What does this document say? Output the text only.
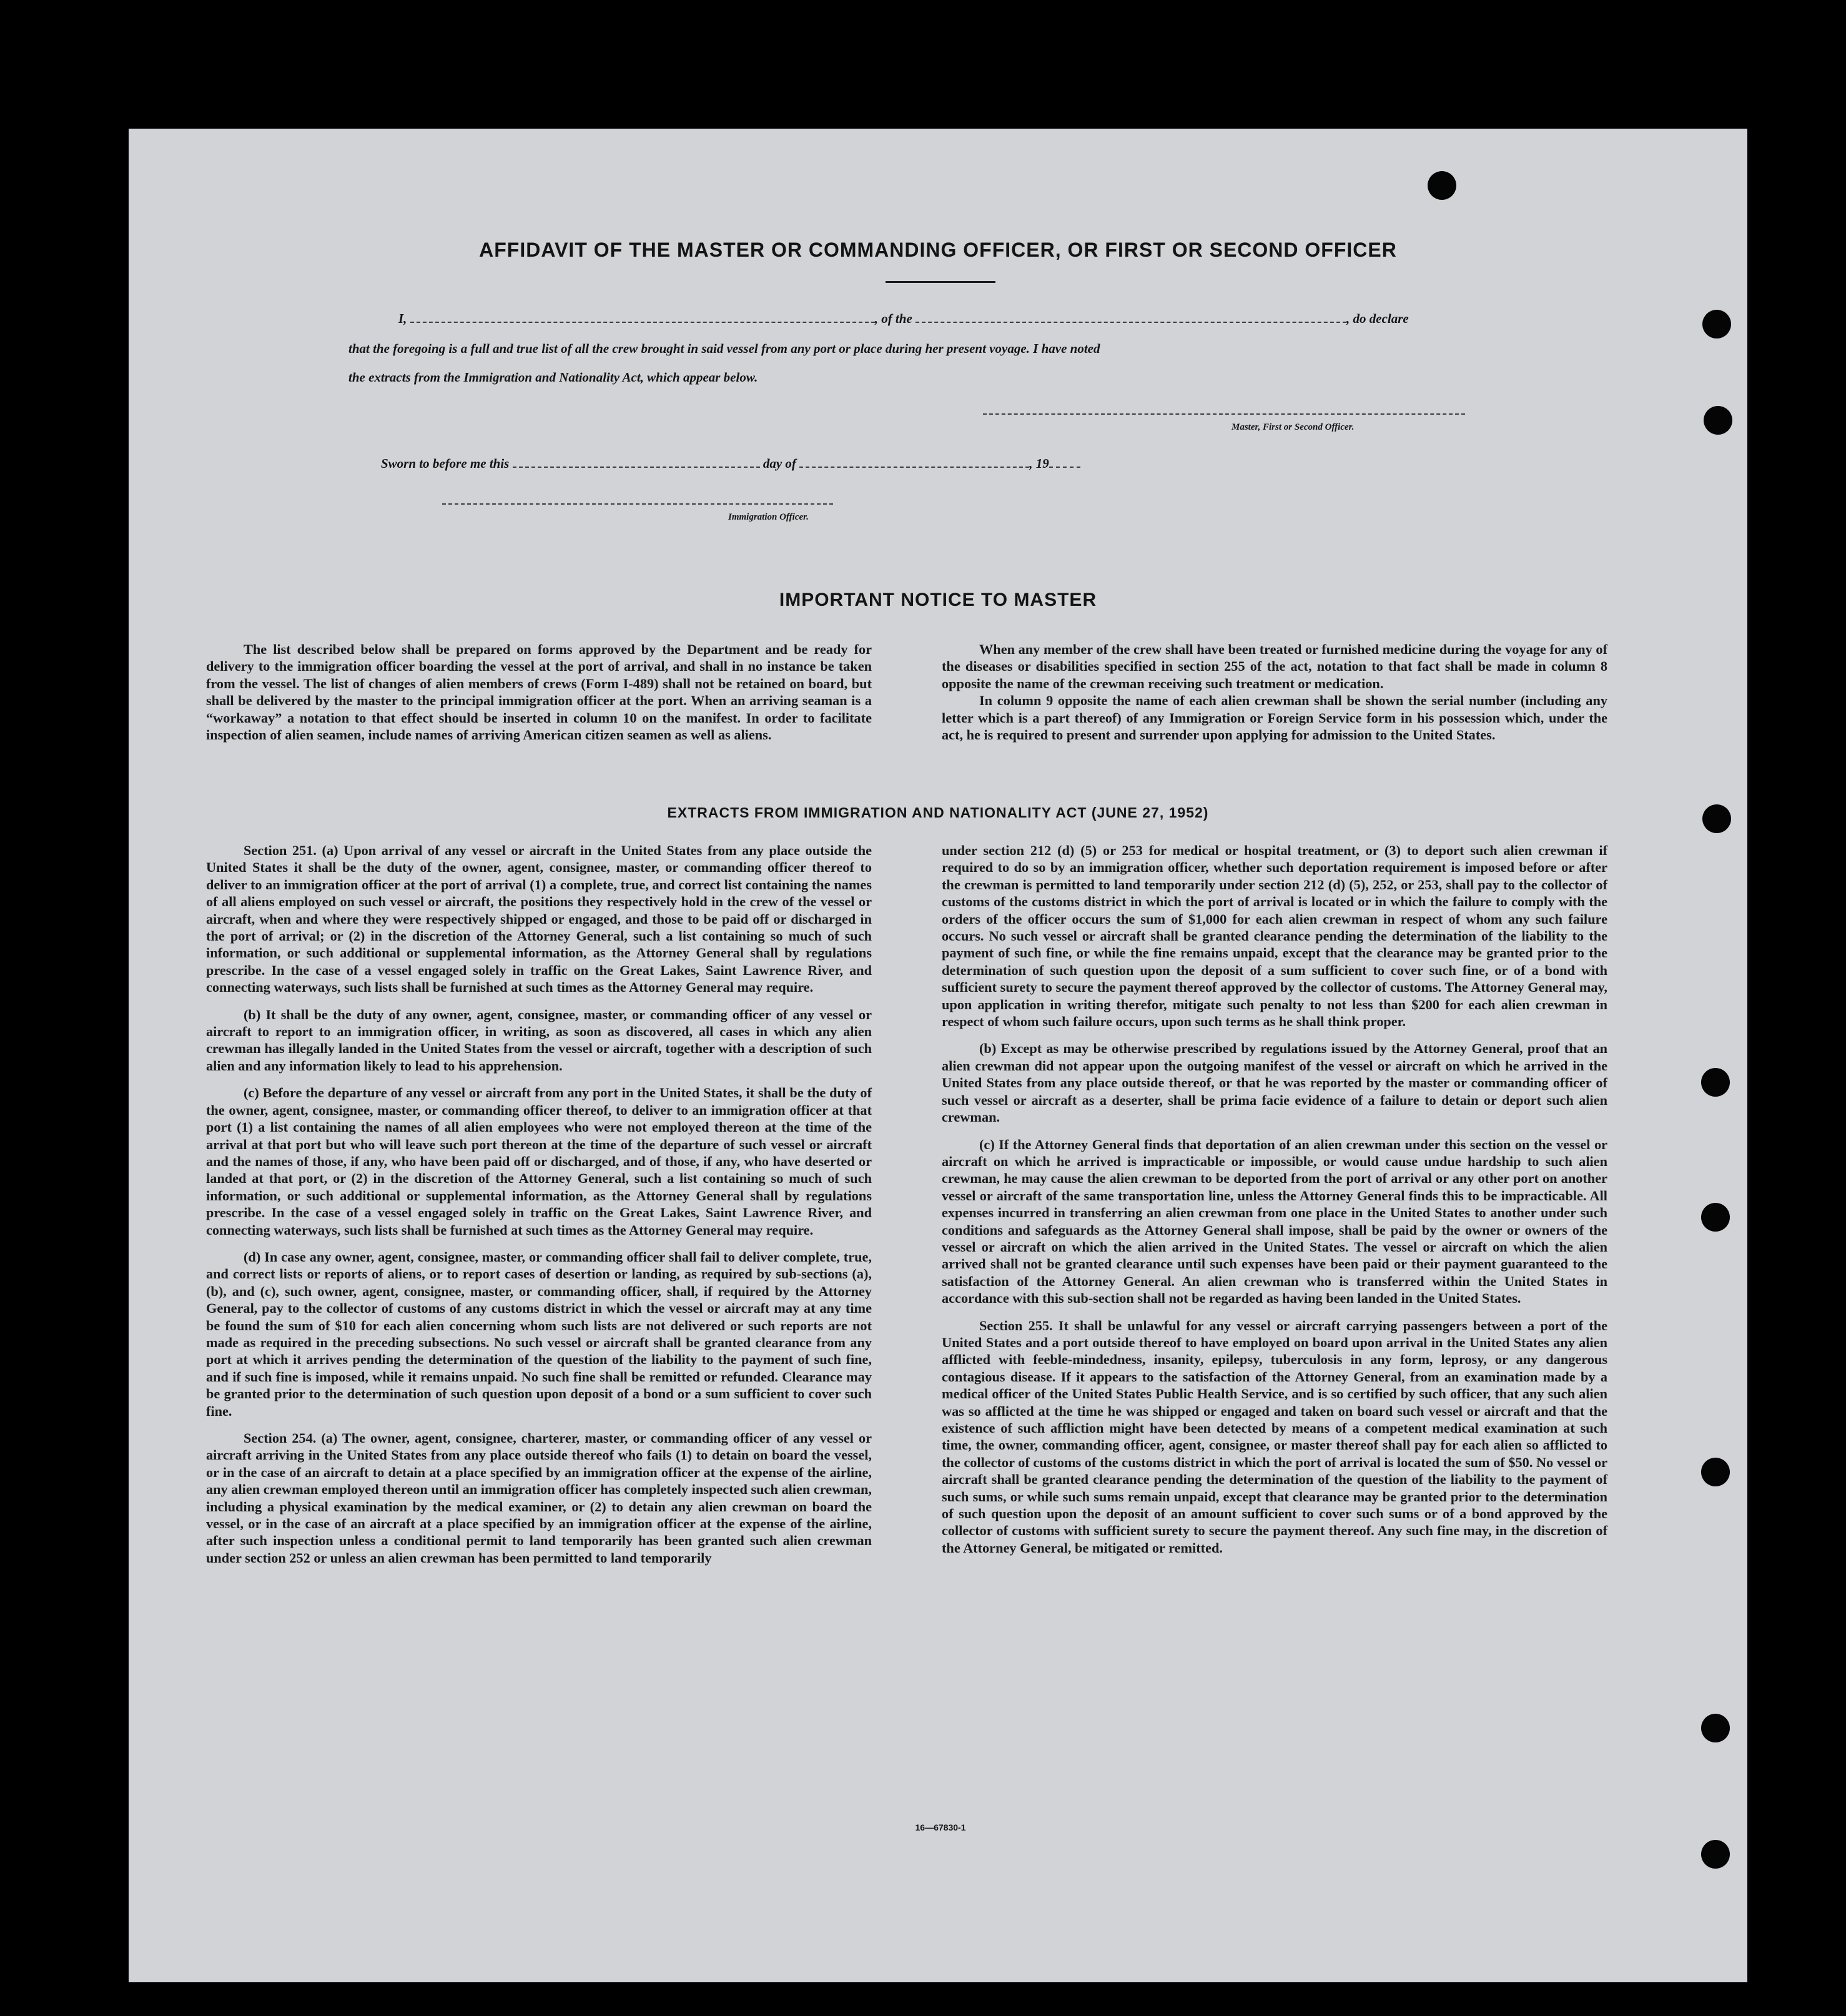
AFFIDAVIT OF THE MASTER OR COMMANDING OFFICER, OR FIRST OR SECOND OFFICER
I,	, of the	, do declare
that the foregoing is a full and true list of all the crew brought in said vessel from any port or place during her present voyage. I have noted
the extracts from the Immigration and Nationality Act, which appear below.
Master, First or Second Officer.
Sworn to before me this	day of	, 19
Immigration Officer.
IMPORTANT NOTICE TO MASTER

The list described below shall be prepared on forms approved by the Department and be ready for delivery to the immigration officer boarding the vessel at the port of arrival, and shall in no instance be taken from the vessel. The list of changes of alien members of crews (Form I-489) shall not be retained on board, but shall be delivered by the master to the principal immigration officer at the port. When an arriving seaman is a “workaway” a notation to that effect should be inserted in column 10 on the manifest. In order to facilitate inspection of alien seamen, include names of arriving American citizen seamen as well as aliens.

When any member of the crew shall have been treated or furnished medicine during the voyage for any of the diseases or disabilities specified in section 255 of the act, notation to that fact shall be made in column 8 opposite the name of the crewman receiving such treatment or medication.

In column 9 opposite the name of each alien crewman shall be shown the serial number (including any letter which is a part thereof) of any Immigration or Foreign Service form in his possession which, under the act, he is required to present and surrender upon applying for admission to the United States.

EXTRACTS FROM IMMIGRATION AND NATIONALITY ACT (JUNE 27, 1952)

Section 251. (a) Upon arrival of any vessel or aircraft in the United States from any place outside the United States it shall be the duty of the owner, agent, consignee, master, or commanding officer thereof to deliver to an immigration officer at the port of arrival (1) a complete, true, and correct list containing the names of all aliens employed on such vessel or aircraft, the positions they respectively hold in the crew of the vessel or aircraft, when and where they were respectively shipped or engaged, and those to be paid off or discharged in the port of arrival; or (2) in the discretion of the Attorney General, such a list containing so much of such information, or such additional or supplemental information, as the Attorney General shall by regulations prescribe. In the case of a vessel engaged solely in traffic on the Great Lakes, Saint Lawrence River, and connecting waterways, such lists shall be furnished at such times as the Attorney General may require.

(b) It shall be the duty of any owner, agent, consignee, master, or commanding officer of any vessel or aircraft to report to an immigration officer, in writing, as soon as discovered, all cases in which any alien crewman has illegally landed in the United States from the vessel or aircraft, together with a description of such alien and any information likely to lead to his apprehension.

(c) Before the departure of any vessel or aircraft from any port in the United States, it shall be the duty of the owner, agent, consignee, master, or commanding officer thereof, to deliver to an immigration officer at that port (1) a list containing the names of all alien employees who were not employed thereon at the time of the arrival at that port but who will leave such port thereon at the time of the departure of such vessel or aircraft and the names of those, if any, who have been paid off or discharged, and of those, if any, who have deserted or landed at that port, or (2) in the discretion of the Attorney General, such a list containing so much of such information, or such additional or supplemental information, as the Attorney General shall by regulations prescribe. In the case of a vessel engaged solely in traffic on the Great Lakes, Saint Lawrence River, and connecting waterways, such lists shall be furnished at such times as the Attorney General may require.

(d) In case any owner, agent, consignee, master, or commanding officer shall fail to deliver complete, true, and correct lists or reports of aliens, or to report cases of desertion or landing, as required by sub-sections (a), (b), and (c), such owner, agent, consignee, master, or commanding officer, shall, if required by the Attorney General, pay to the collector of customs of any customs district in which the vessel or aircraft may at any time be found the sum of $10 for each alien concerning whom such lists are not delivered or such reports are not made as required in the preceding subsections. No such vessel or aircraft shall be granted clearance from any port at which it arrives pending the determination of the question of the liability to the payment of such fine, and if such fine is imposed, while it remains unpaid. No such fine shall be remitted or refunded. Clearance may be granted prior to the determination of such question upon deposit of a bond or a sum sufficient to cover such fine.

Section 254. (a) The owner, agent, consignee, charterer, master, or commanding officer of any vessel or aircraft arriving in the United States from any place outside thereof who fails (1) to detain on board the vessel, or in the case of an aircraft to detain at a place specified by an immigration officer at the expense of the airline, any alien crewman employed thereon until an immigration officer has completely inspected such alien crewman, including a physical examination by the medical examiner, or (2) to detain any alien crewman on board the vessel, or in the case of an aircraft at a place specified by an immigration officer at the expense of the airline, after such inspection unless a conditional permit to land temporarily has been granted such alien crewman under section 252 or unless an alien crewman has been permitted to land temporarily

under section 212 (d) (5) or 253 for medical or hospital treatment, or (3) to deport such alien crewman if required to do so by an immigration officer, whether such deportation requirement is imposed before or after the crewman is permitted to land temporarily under section 212 (d) (5), 252, or 253, shall pay to the collector of customs of the customs district in which the port of arrival is located or in which the failure to comply with the orders of the officer occurs the sum of $1,000 for each alien crewman in respect of whom any such failure occurs. No such vessel or aircraft shall be granted clearance pending the determination of the liability to the payment of such fine, or while the fine remains unpaid, except that the clearance may be granted prior to the determination of such question upon the deposit of a sum sufficient to cover such fine, or of a bond with sufficient surety to secure the payment thereof approved by the collector of customs. The Attorney General may, upon application in writing therefor, mitigate such penalty to not less than $200 for each alien crewman in respect of whom such failure occurs, upon such terms as he shall think proper.

(b) Except as may be otherwise prescribed by regulations issued by the Attorney General, proof that an alien crewman did not appear upon the outgoing manifest of the vessel or aircraft on which he arrived in the United States from any place outside thereof, or that he was reported by the master or commanding officer of such vessel or aircraft as a deserter, shall be prima facie evidence of a failure to detain or deport such alien crewman.

(c) If the Attorney General finds that deportation of an alien crewman under this section on the vessel or aircraft on which he arrived is impracticable or impossible, or would cause undue hardship to such alien crewman, he may cause the alien crewman to be deported from the port of arrival or any other port on another vessel or aircraft of the same transportation line, unless the Attorney General finds this to be impracticable. All expenses incurred in transferring an alien crewman from one place in the United States to another under such conditions and safeguards as the Attorney General shall impose, shall be paid by the owner or owners of the vessel or aircraft on which the alien arrived in the United States. The vessel or aircraft on which the alien arrived shall not be granted clearance until such expenses have been paid or their payment guaranteed to the satisfaction of the Attorney General. An alien crewman who is transferred within the United States in accordance with this sub-section shall not be regarded as having been landed in the United States.

Section 255. It shall be unlawful for any vessel or aircraft carrying passengers between a port of the United States and a port outside thereof to have employed on board upon arrival in the United States any alien afflicted with feeble-mindedness, insanity, epilepsy, tuberculosis in any form, leprosy, or any dangerous contagious disease. If it appears to the satisfaction of the Attorney General, from an examination made by a medical officer of the United States Public Health Service, and is so certified by such officer, that any such alien was so afflicted at the time he was shipped or engaged and taken on board such vessel or aircraft and that the existence of such affliction might have been detected by means of a competent medical examination at such time, the owner, commanding officer, agent, consignee, or master thereof shall pay for each alien so afflicted to the collector of customs of the customs district in which the port of arrival is located the sum of $50. No vessel or aircraft shall be granted clearance pending the determination of the question of the liability to the payment of such sums, or while such sums remain unpaid, except that clearance may be granted prior to the determination of such question upon the deposit of an amount sufficient to cover such sums or of a bond approved by the collector of customs with sufficient surety to secure the payment thereof. Any such fine may, in the discretion of the Attorney General, be mitigated or remitted.

16—67830-1
